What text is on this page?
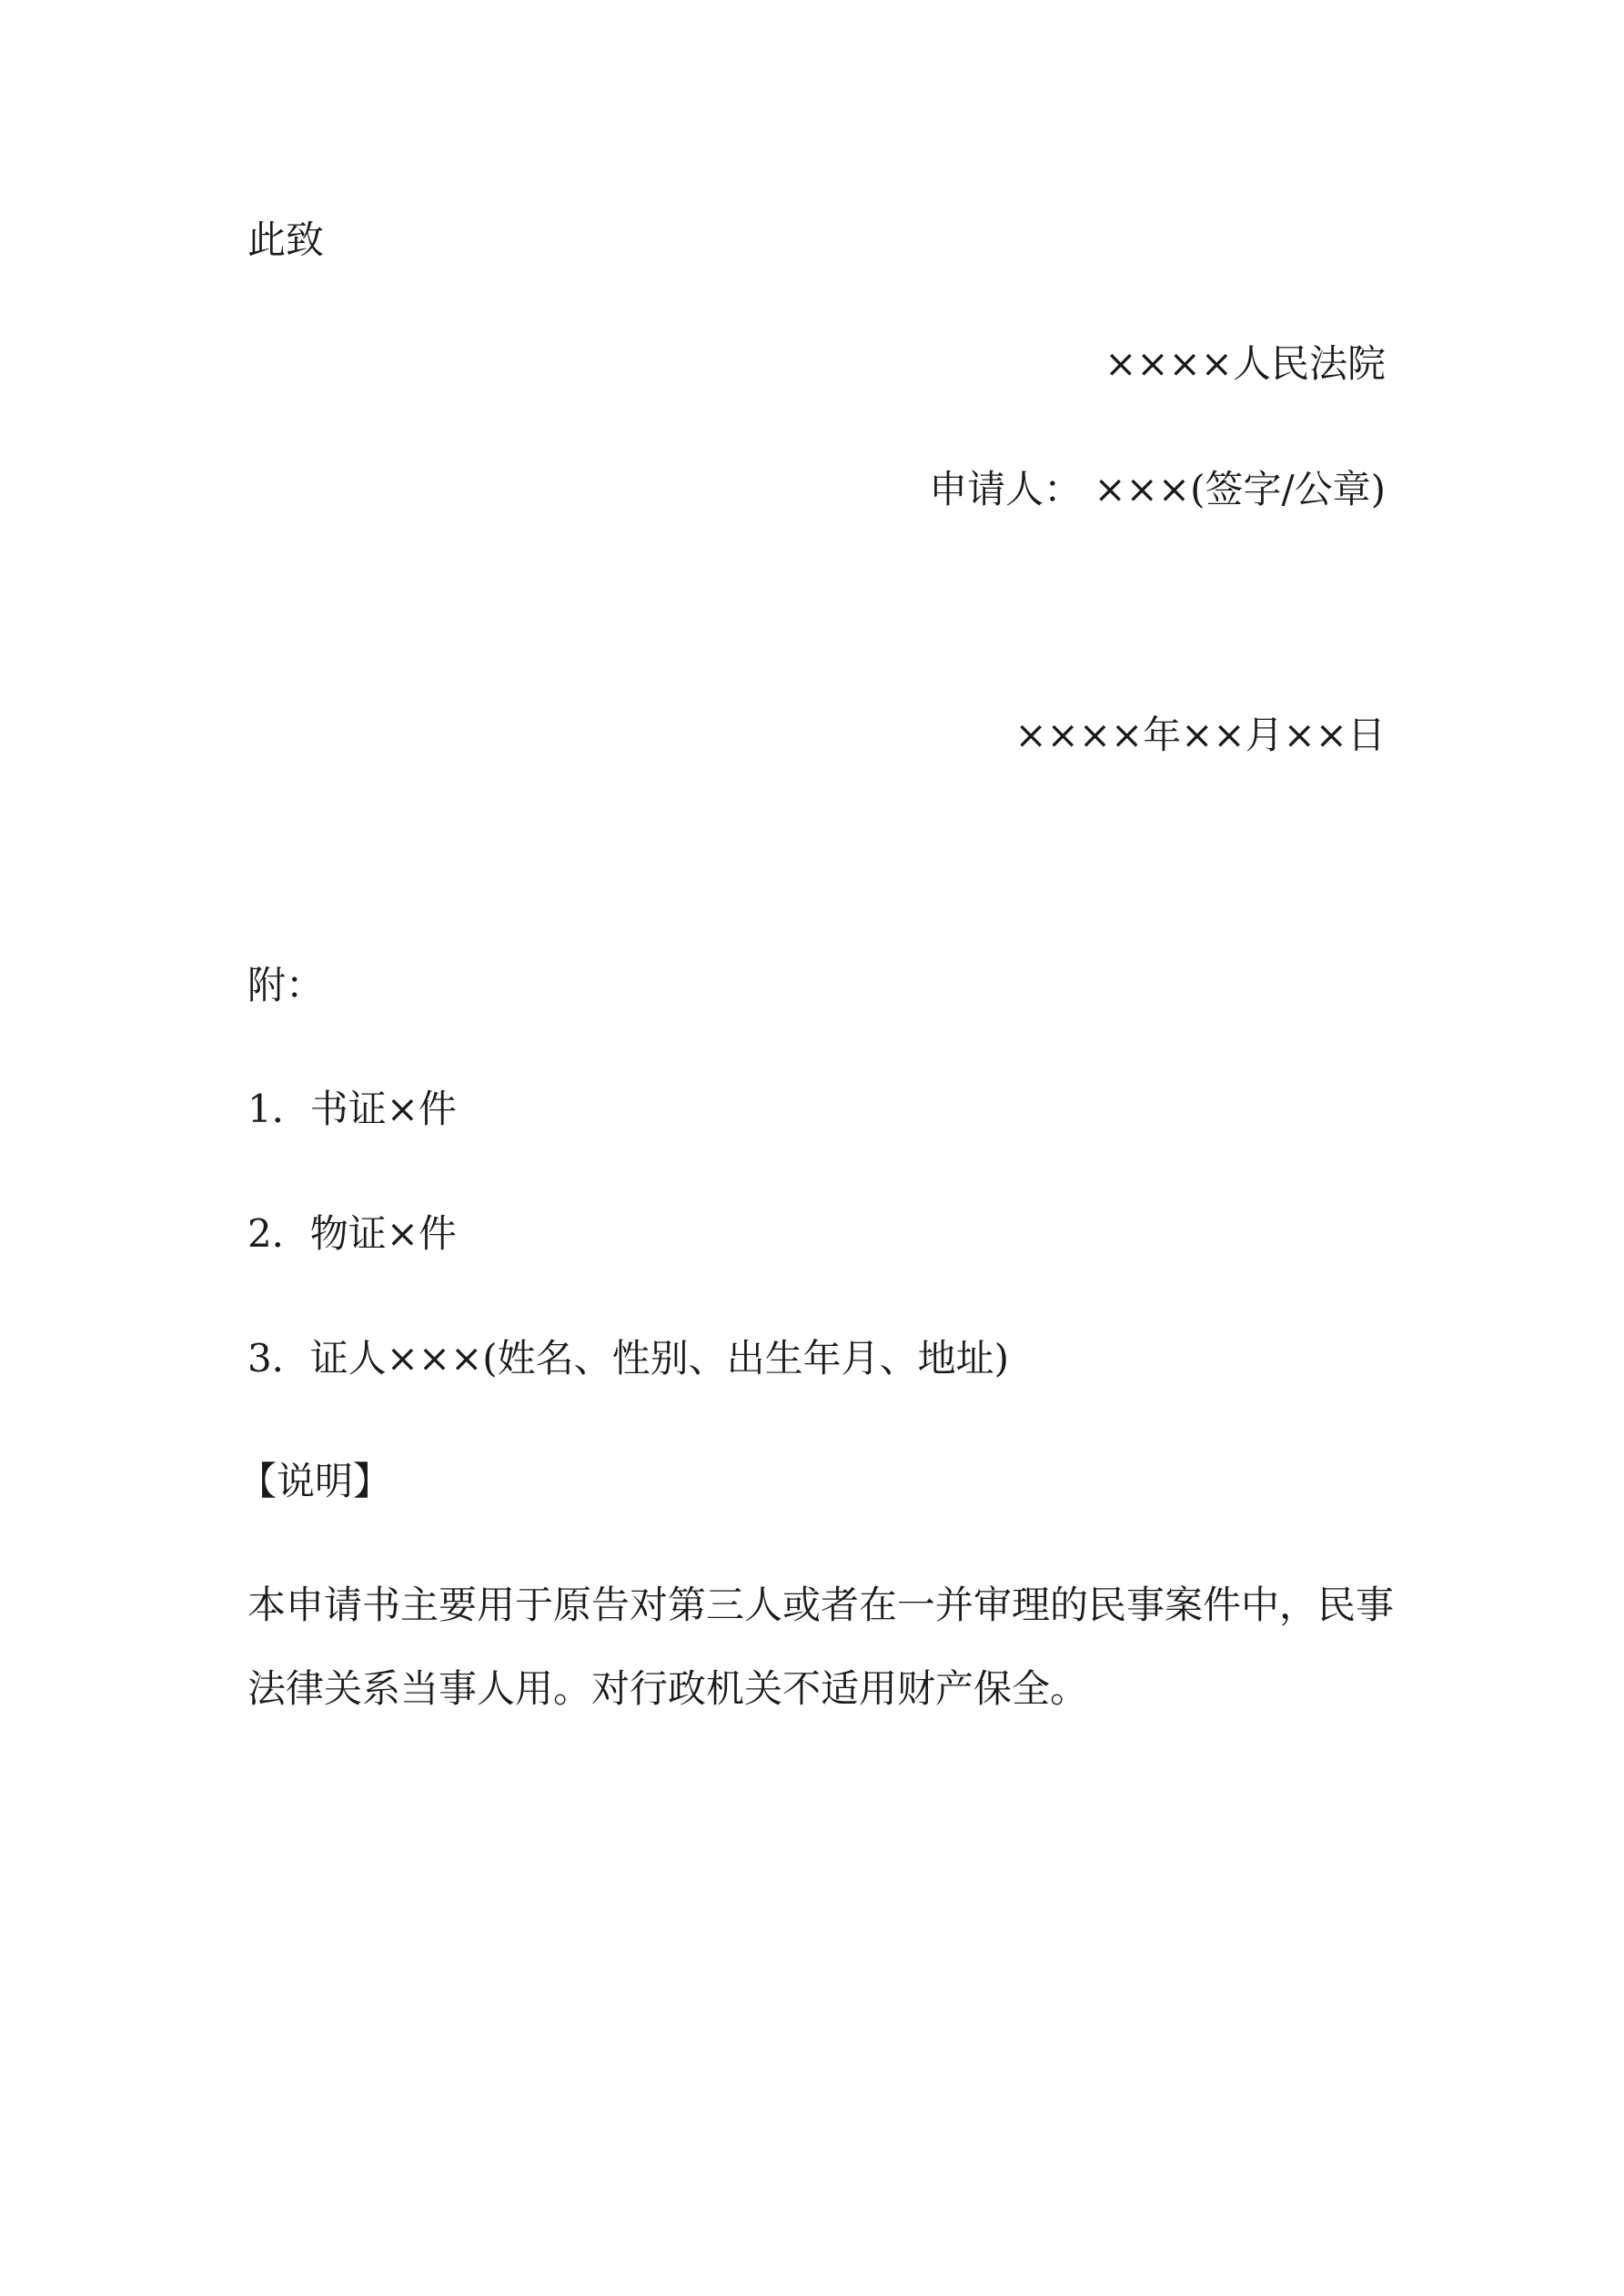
此致
××××人民法院
申请人： ×××(签字/公章)
××××年××月××日
附：
1．书证×件
2．物证×件
3．证人×××(姓名、性别、出生年月、地址)
【说明】
本申请书主要用于原告对第三人或者在一并审理的民事案件中，民事
法律关系当事人用。对行政机关不适用财产保全。
